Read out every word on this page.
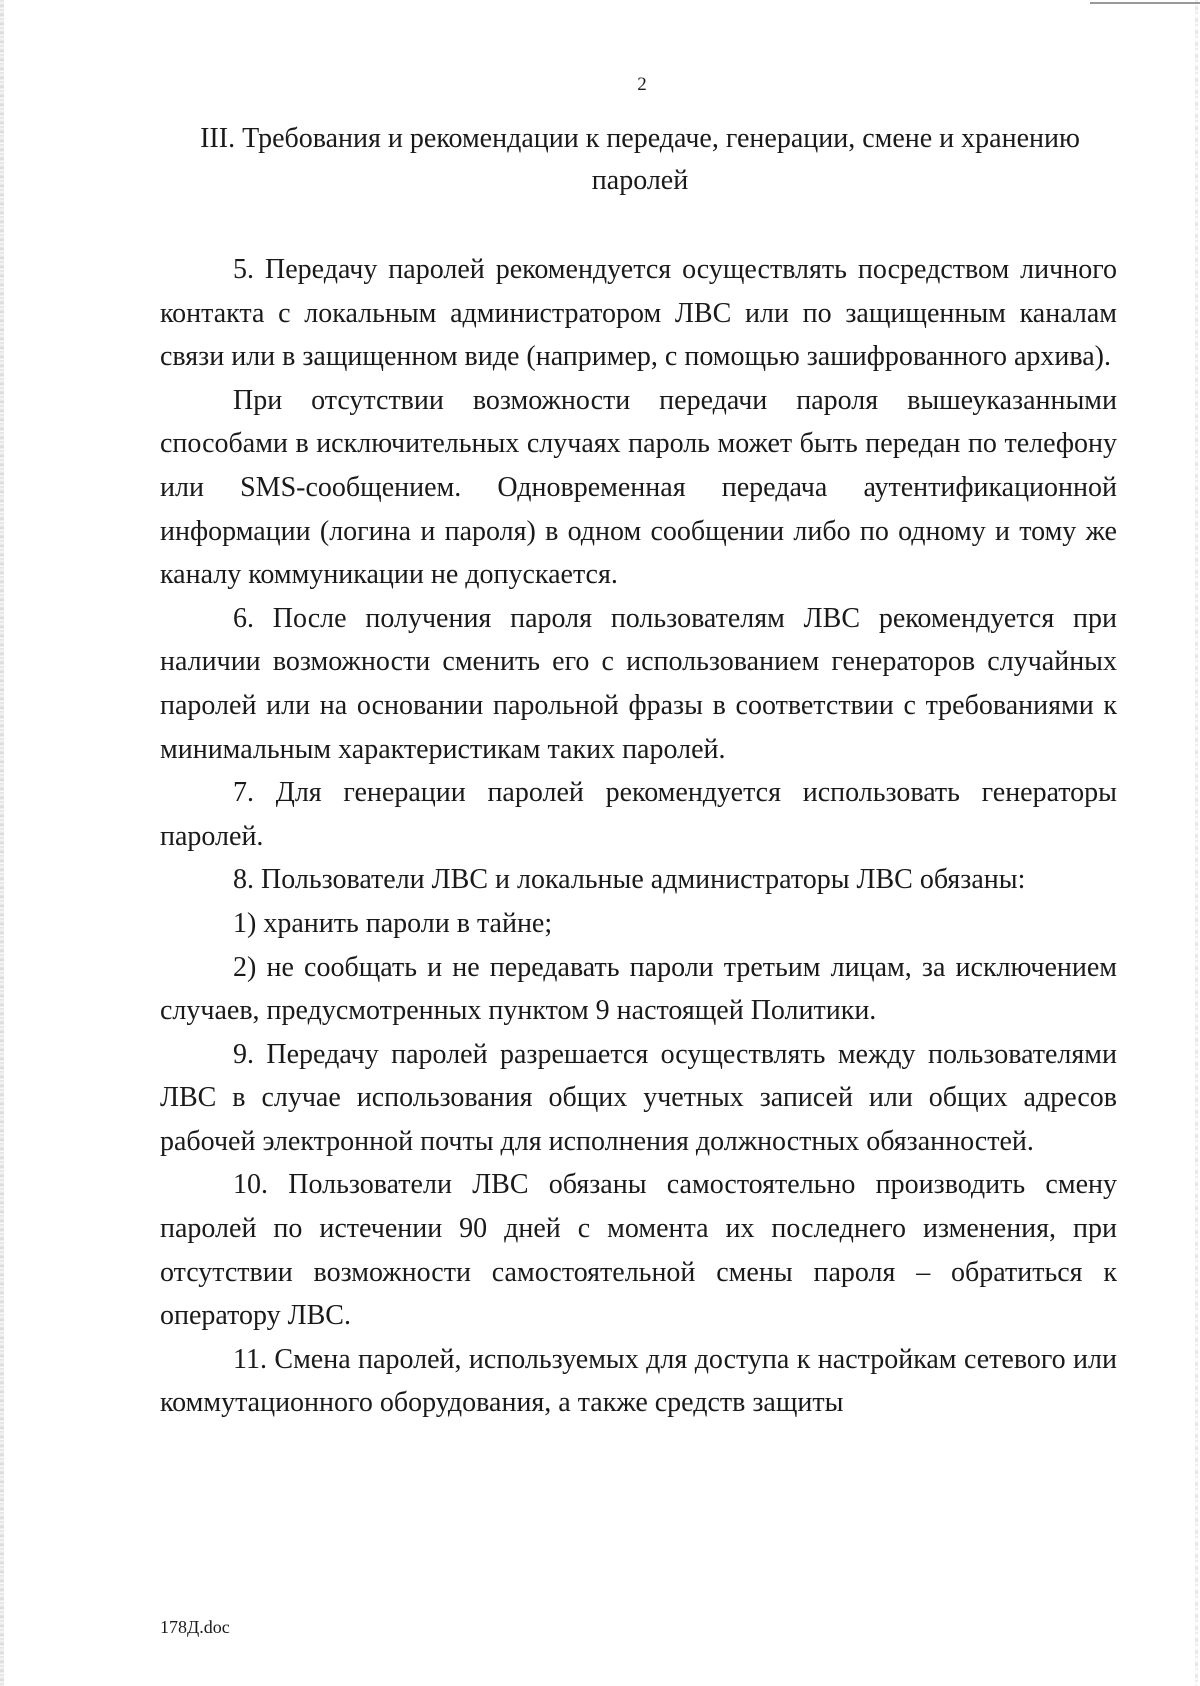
2
III. Требования и рекомендации к передаче, генерации, смене и хранению паролей

5. Передачу паролей рекомендуется осуществлять посредством личного контакта с локальным администратором ЛВС или по защищенным каналам связи или в защищенном виде (например, с помощью зашифрованного архива).

При отсутствии возможности передачи пароля вышеуказанными способами в исключительных случаях пароль может быть передан по телефону или SMS-сообщением. Одновременная передача аутентификационной информации (логина и пароля) в одном сообщении либо по одному и тому же каналу коммуникации не допускается.

6. После получения пароля пользователям ЛВС рекомендуется при наличии возможности сменить его с использованием генераторов случайных паролей или на основании парольной фразы в соответствии с требованиями к минимальным характеристикам таких паролей.

7. Для генерации паролей рекомендуется использовать генераторы паролей.

8. Пользователи ЛВС и локальные администраторы ЛВС обязаны:

1) хранить пароли в тайне;

2) не сообщать и не передавать пароли третьим лицам, за исключением случаев, предусмотренных пунктом 9 настоящей Политики.

9. Передачу паролей разрешается осуществлять между пользователями ЛВС в случае использования общих учетных записей или общих адресов рабочей электронной почты для исполнения должностных обязанностей.

10. Пользователи ЛВС обязаны самостоятельно производить смену паролей по истечении 90 дней с момента их последнего изменения, при отсутствии возможности самостоятельной смены пароля – обратиться к оператору ЛВС.

11. Смена паролей, используемых для доступа к настройкам сетевого или коммутационного оборудования, а также средств защиты

178Д.doc
